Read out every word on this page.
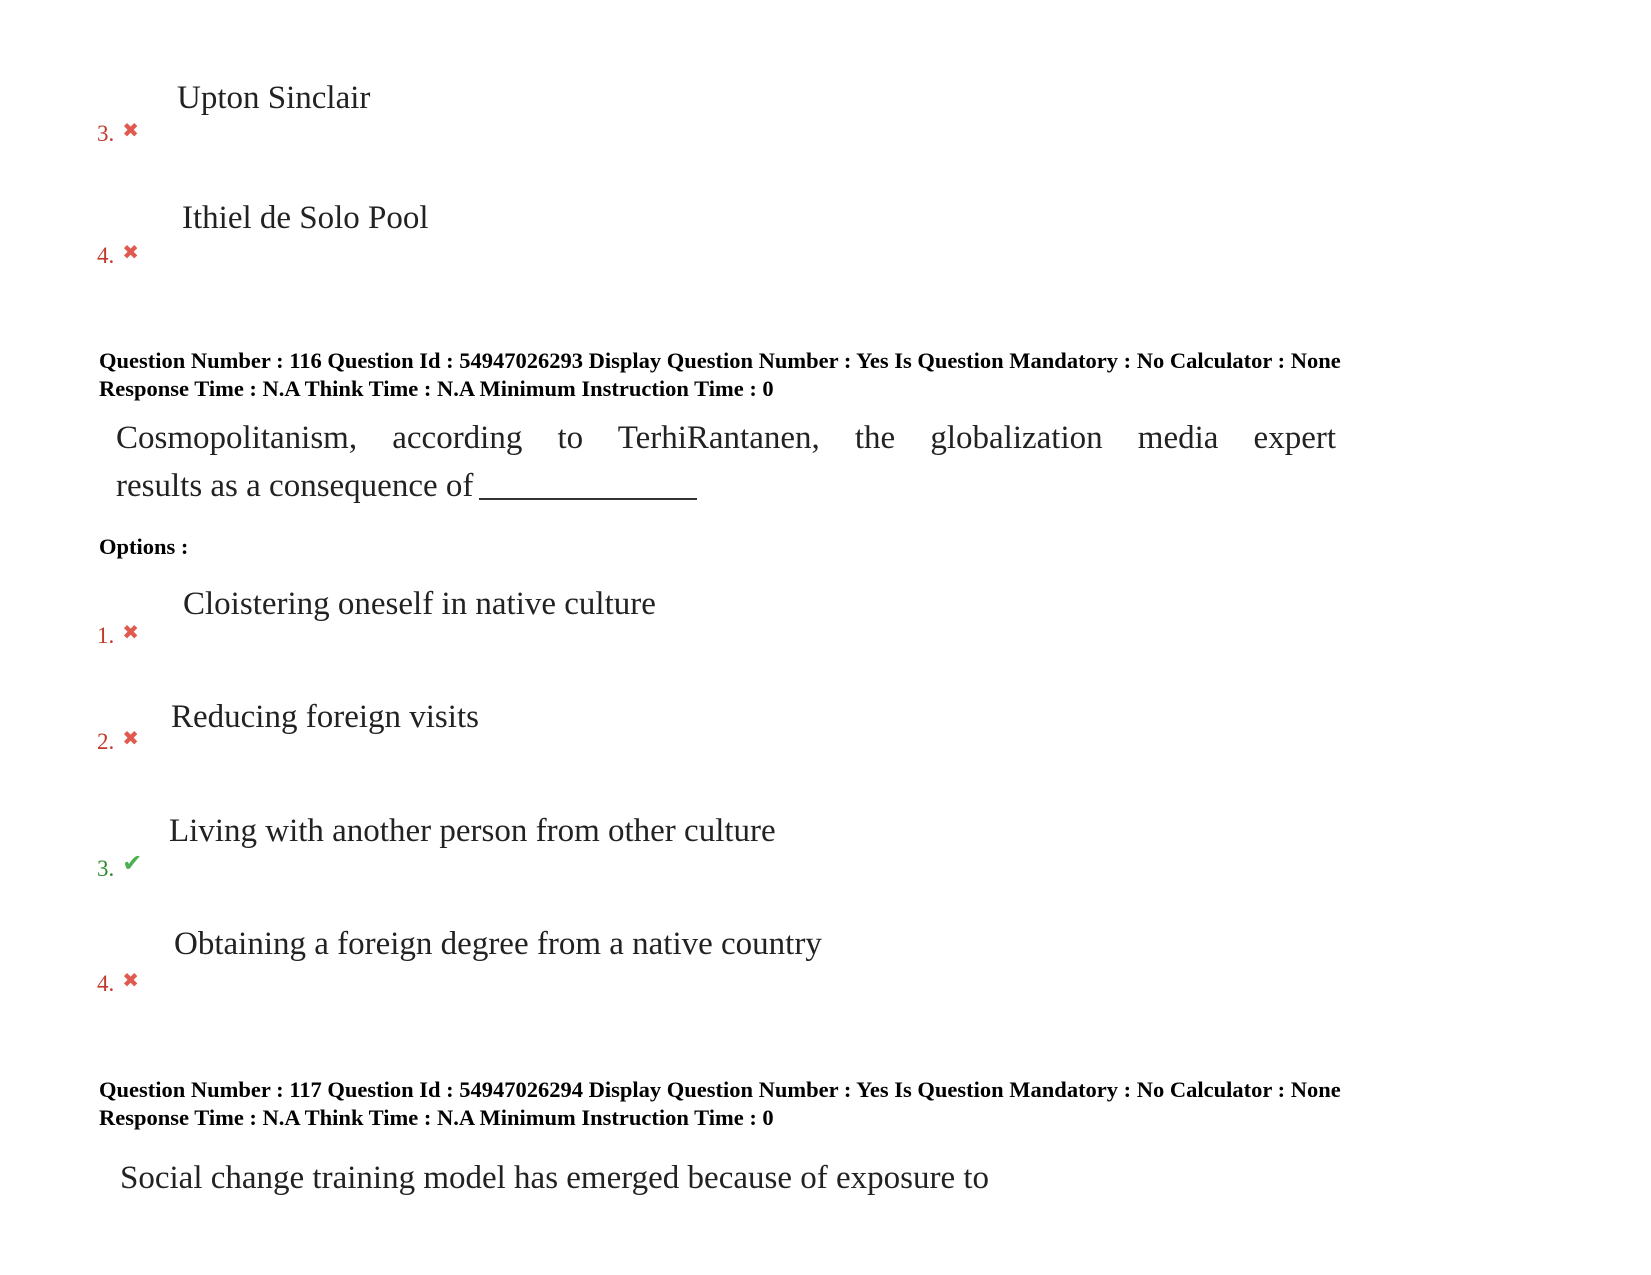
3. ✖
Upton Sinclair
4. ✖
Ithiel de Solo Pool
Question Number : 116 Question Id : 54947026293 Display Question Number : Yes Is Question Mandatory : No Calculator : None
Response Time : N.A Think Time : N.A Minimum Instruction Time : 0
Cosmopolitanism, according to TerhiRantanen, the globalization media expert
results as a consequence of
Options :
1. ✖
Cloistering oneself in native culture
2. ✖
Reducing foreign visits
3. ✔
Living with another person from other culture
4. ✖
Obtaining a foreign degree from a native country
Question Number : 117 Question Id : 54947026294 Display Question Number : Yes Is Question Mandatory : No Calculator : None
Response Time : N.A Think Time : N.A Minimum Instruction Time : 0
Social change training model has emerged because of exposure to
